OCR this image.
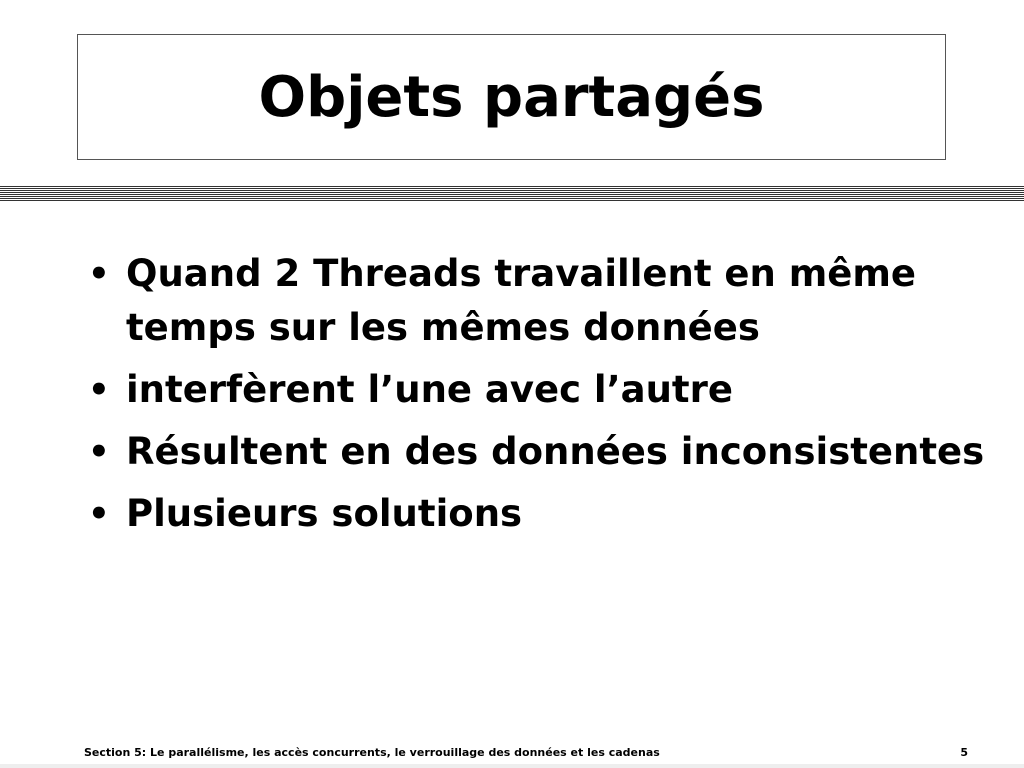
Objets partagés
• Quand 2 Threads travaillent en même temps sur les mêmes données
• interfèrent l’une avec l’autre
• Résultent en des données inconsistentes
• Plusieurs solutions
Section 5: Le parallélisme, les accès concurrents, le verrouillage des données et les cadenas	5
